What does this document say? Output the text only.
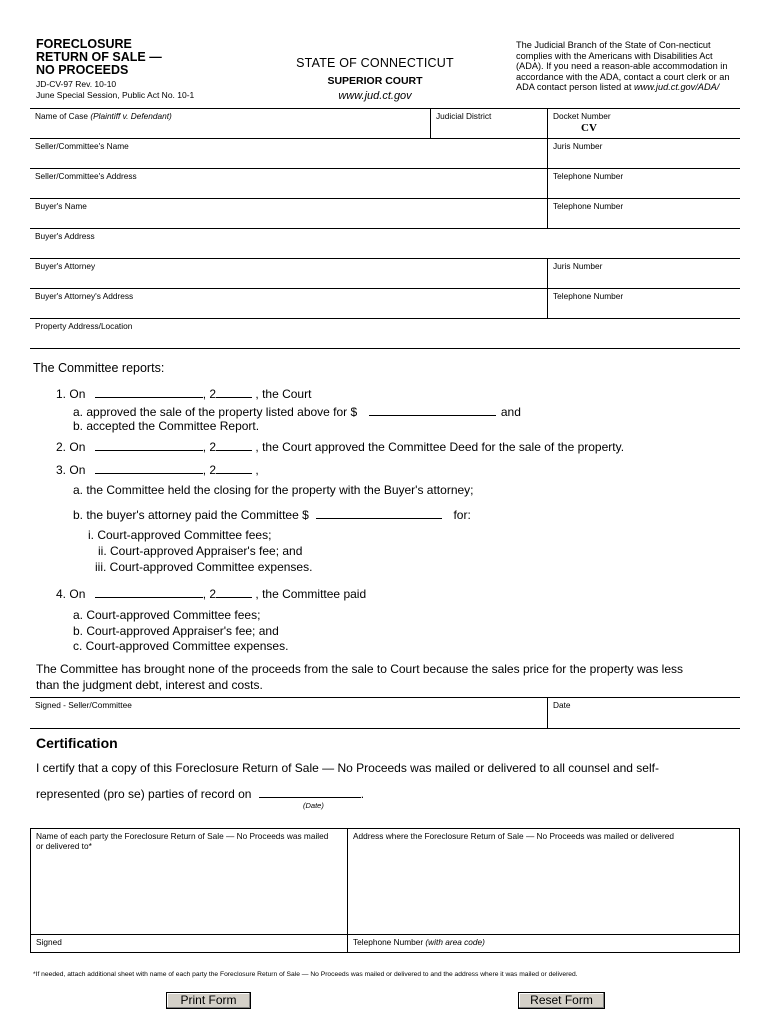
FORECLOSURE
RETURN OF SALE —
NO PROCEEDS
JD-CV-97 Rev. 10-10
June Special Session, Public Act No. 10-1
STATE OF CONNECTICUT
SUPERIOR COURT
www.jud.ct.gov
The Judicial Branch of the State of Con-necticut complies with the Americans with Disabilities Act (ADA). If you need a reason-able accommodation in accordance with the ADA, contact a court clerk or an ADA contact person listed at www.jud.ct.gov/ADA/
Name of Case (Plaintiff v. Defendant)	Judicial District	Docket Number
CV
Seller/Committee's Name	Juris Number
Seller/Committee's Address	Telephone Number
Buyer's Name	Telephone Number
Buyer's Address
Buyer's Attorney	Juris Number
Buyer's Attorney's Address	Telephone Number
Property Address/Location
The Committee reports:
1. On	, 2	, the Court
a. approved the sale of the property listed above for $	and
b. accepted the Committee Report.
2. On	, 2	, the Court approved the Committee Deed for the sale of the property.
3. On	, 2	,
a. the Committee held the closing for the property with the Buyer's attorney;
b. the buyer's attorney paid the Committee $	for:
i. Court-approved Committee fees;
ii. Court-approved Appraiser's fee; and
iii. Court-approved Committee expenses.
4. On	, 2	, the Committee paid
a. Court-approved Committee fees;
b. Court-approved Appraiser's fee; and
c. Court-approved Committee expenses.
The Committee has brought none of the proceeds from the sale to Court because the sales price for the property was less
than the judgment debt, interest and costs.
Signed - Seller/Committee	Date
Certification
I certify that a copy of this Foreclosure Return of Sale — No Proceeds was mailed or delivered to all counsel and self-
represented (pro se) parties of record on	.
(Date)
Name of each party the Foreclosure Return of Sale — No Proceeds was mailed or delivered to*
Address where the Foreclosure Return of Sale — No Proceeds was mailed or delivered
Signed	Telephone Number (with area code)
*If needed, attach additional sheet with name of each party the Foreclosure Return of Sale — No Proceeds was mailed or delivered to and the address where it was mailed or delivered.
Print Form	Reset Form
